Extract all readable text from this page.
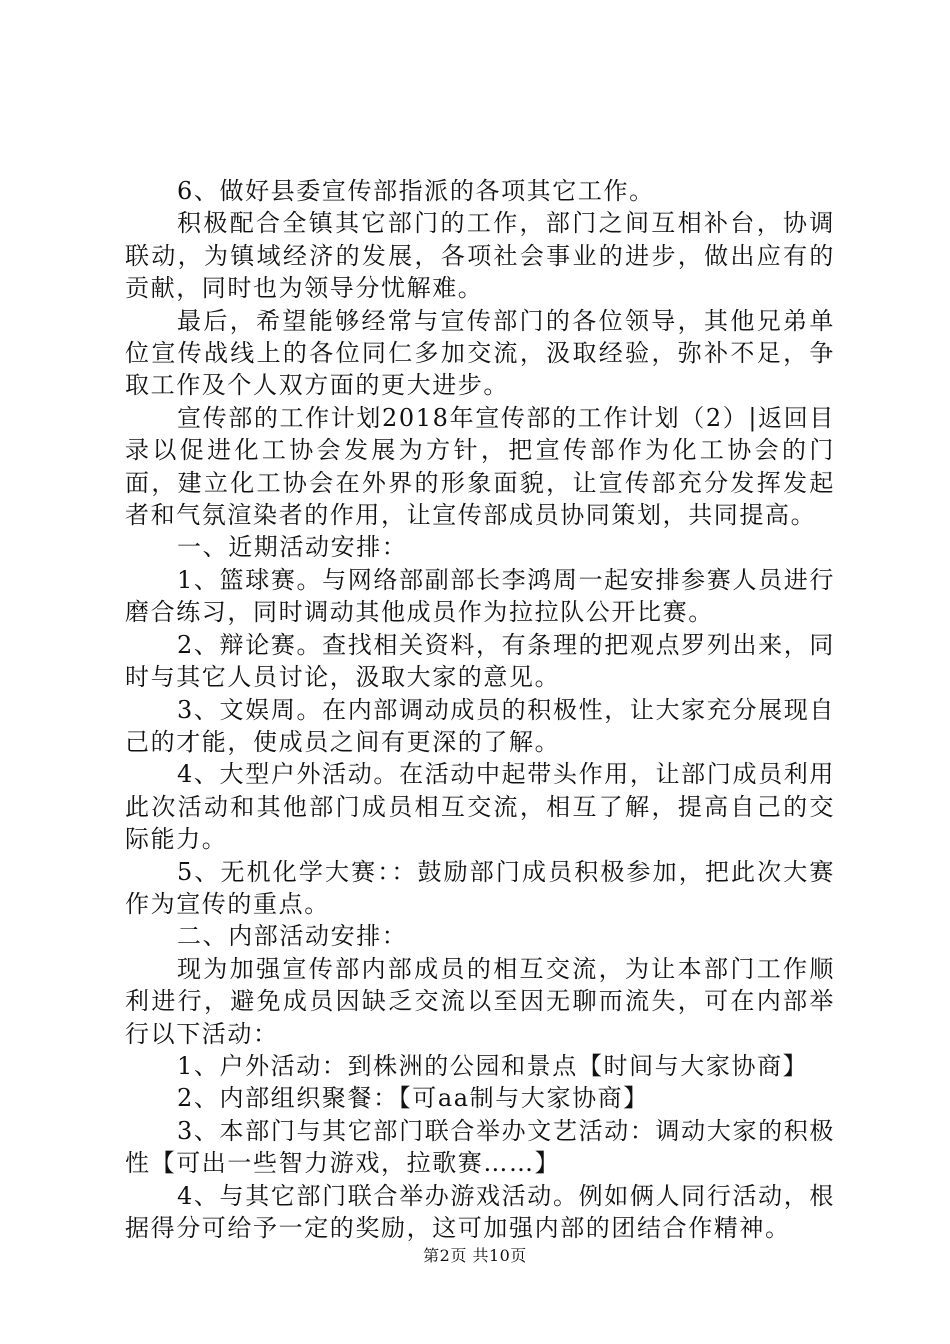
6、做好县委宣传部指派的各项其它工作。

积极配合全镇其它部门的工作，部门之间互相补台，协调联动，为镇域经济的发展，各项社会事业的进步，做出应有的贡献，同时也为领导分忧解难。

最后，希望能够经常与宣传部门的各位领导，其他兄弟单位宣传战线上的各位同仁多加交流，汲取经验，弥补不足，争取工作及个人双方面的更大进步。

宣传部的工作计划2018年宣传部的工作计划（2）|返回目录以促进化工协会发展为方针，把宣传部作为化工协会的门面，建立化工协会在外界的形象面貌，让宣传部充分发挥发起者和气氛渲染者的作用，让宣传部成员协同策划，共同提高。

一、近期活动安排：

1、篮球赛。与网络部副部长李鸿周一起安排参赛人员进行磨合练习，同时调动其他成员作为拉拉队公开比赛。

2、辩论赛。查找相关资料，有条理的把观点罗列出来，同时与其它人员讨论，汲取大家的意见。

3、文娱周。在内部调动成员的积极性，让大家充分展现自己的才能，使成员之间有更深的了解。

4、大型户外活动。在活动中起带头作用，让部门成员利用此次活动和其他部门成员相互交流，相互了解，提高自己的交际能力。

5、无机化学大赛：：鼓励部门成员积极参加，把此次大赛作为宣传的重点。

二、内部活动安排：

现为加强宣传部内部成员的相互交流，为让本部门工作顺利进行，避免成员因缺乏交流以至因无聊而流失，可在内部举行以下活动：

1、户外活动：到株洲的公园和景点【时间与大家协商】

2、内部组织聚餐：【可aa制与大家协商】

3、本部门与其它部门联合举办文艺活动：调动大家的积极性【可出一些智力游戏，拉歌赛……】

4、与其它部门联合举办游戏活动。例如俩人同行活动，根据得分可给予一定的奖励，这可加强内部的团结合作精神。

第2页 共10页
